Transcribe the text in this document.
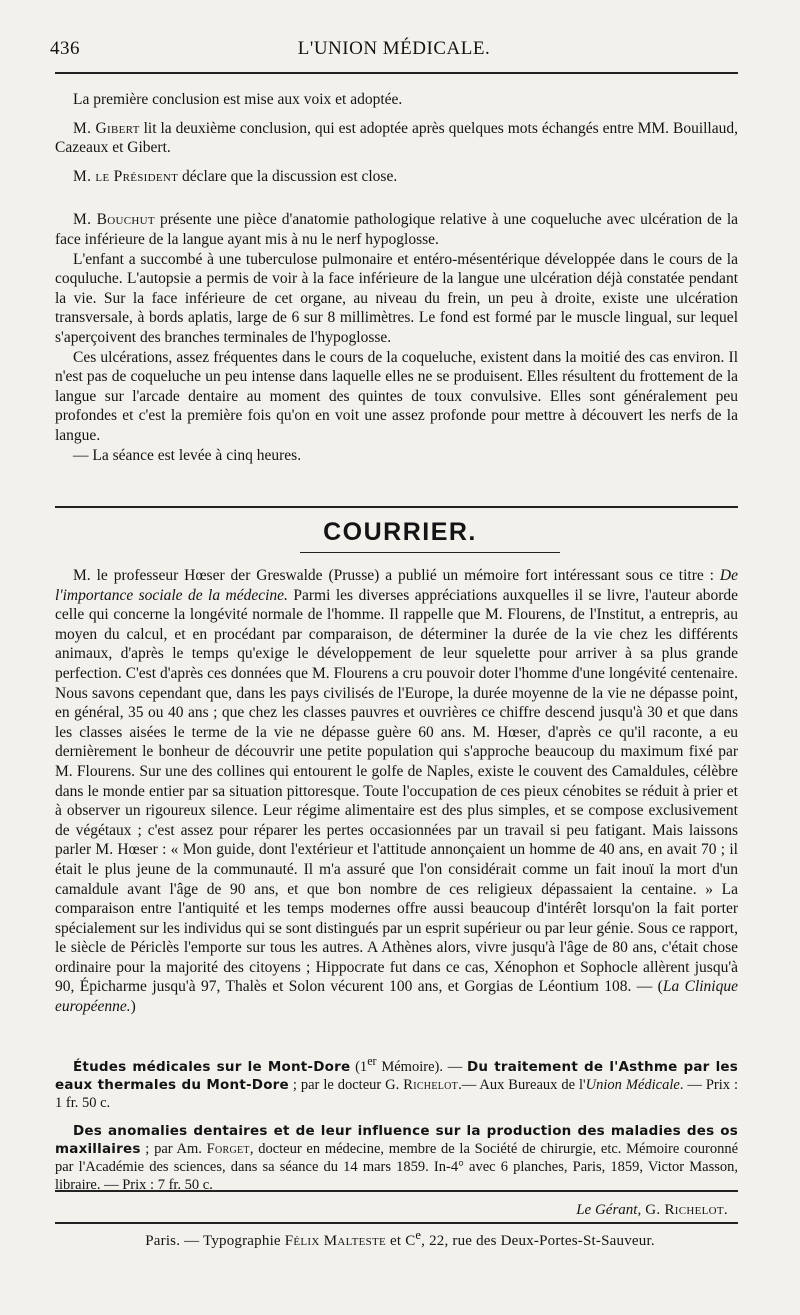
436	L'UNION MÉDICALE.

La première conclusion est mise aux voix et adoptée.

M. Gibert lit la deuxième conclusion, qui est adoptée après quelques mots échangés entre MM. Bouillaud, Cazeaux et Gibert.

M. le Président déclare que la discussion est close.

M. Bouchut présente une pièce d'anatomie pathologique relative à une coqueluche avec ulcération de la face inférieure de la langue ayant mis à nu le nerf hypoglosse.

L'enfant a succombé à une tuberculose pulmonaire et entéro-mésentérique développée dans le cours de la coquluche. L'autopsie a permis de voir à la face inférieure de la langue une ulcération déjà constatée pendant la vie. Sur la face inférieure de cet organe, au niveau du frein, un peu à droite, existe une ulcération transversale, à bords aplatis, large de 6 sur 8 millimètres. Le fond est formé par le muscle lingual, sur lequel s'aperçoivent des branches terminales de l'hypoglosse.

Ces ulcérations, assez fréquentes dans le cours de la coqueluche, existent dans la moitié des cas environ. Il n'est pas de coqueluche un peu intense dans laquelle elles ne se produisent. Elles résultent du frottement de la langue sur l'arcade dentaire au moment des quintes de toux convulsive. Elles sont généralement peu profondes et c'est la première fois qu'on en voit une assez profonde pour mettre à découvert les nerfs de la langue.

— La séance est levée à cinq heures.

COURRIER.

M. le professeur Hœser der Greswalde (Prusse) a publié un mémoire fort intéressant sous ce titre : De l'importance sociale de la médecine. Parmi les diverses appréciations auxquelles il se livre, l'auteur aborde celle qui concerne la longévité normale de l'homme. Il rappelle que M. Flourens, de l'Institut, a entrepris, au moyen du calcul, et en procédant par comparaison, de déterminer la durée de la vie chez les différents animaux, d'après le temps qu'exige le développement de leur squelette pour arriver à sa plus grande perfection. C'est d'après ces données que M. Flourens a cru pouvoir doter l'homme d'une longévité centenaire. Nous savons cependant que, dans les pays civilisés de l'Europe, la durée moyenne de la vie ne dépasse point, en général, 35 ou 40 ans ; que chez les classes pauvres et ouvrières ce chiffre descend jusqu'à 30 et que dans les classes aisées le terme de la vie ne dépasse guère 60 ans. M. Hœser, d'après ce qu'il raconte, a eu dernièrement le bonheur de découvrir une petite population qui s'approche beaucoup du maximum fixé par M. Flourens. Sur une des collines qui entourent le golfe de Naples, existe le couvent des Camaldules, célèbre dans le monde entier par sa situation pittoresque. Toute l'occupation de ces pieux cénobites se réduit à prier et à observer un rigoureux silence. Leur régime alimentaire est des plus simples, et se compose exclusivement de végétaux ; c'est assez pour réparer les pertes occasionnées par un travail si peu fatigant. Mais laissons parler M. Hœser : « Mon guide, dont l'extérieur et l'attitude annonçaient un homme de 40 ans, en avait 70 ; il était le plus jeune de la communauté. Il m'a assuré que l'on considérait comme un fait inouï la mort d'un camaldule avant l'âge de 90 ans, et que bon nombre de ces religieux dépassaient la centaine. » La comparaison entre l'antiquité et les temps modernes offre aussi beaucoup d'intérêt lorsqu'on la fait porter spécialement sur les individus qui se sont distingués par un esprit supérieur ou par leur génie. Sous ce rapport, le siècle de Périclès l'emporte sur tous les autres. A Athènes alors, vivre jusqu'à l'âge de 80 ans, c'était chose ordinaire pour la majorité des citoyens ; Hippocrate fut dans ce cas, Xénophon et Sophocle allèrent jusqu'à 90, Épicharme jusqu'à 97, Thalès et Solon vécurent 100 ans, et Gorgias de Léontium 108. — (La Clinique européenne.)

Études médicales sur le Mont-Dore (1er Mémoire). — Du traitement de l'Asthme par les eaux thermales du Mont-Dore ; par le docteur G. Richelot.— Aux Bureaux de l'Union Médicale. — Prix : 1 fr. 50 c.

Des anomalies dentaires et de leur influence sur la production des maladies des os maxillaires ; par Am. Forget, docteur en médecine, membre de la Société de chirurgie, etc. Mémoire couronné par l'Académie des sciences, dans sa séance du 14 mars 1859. In-4° avec 6 planches, Paris, 1859, Victor Masson, libraire. — Prix : 7 fr. 50 c.

Le Gérant, G. Richelot.
Paris. — Typographie Félix Malteste et Ce, 22, rue des Deux-Portes-St-Sauveur.
